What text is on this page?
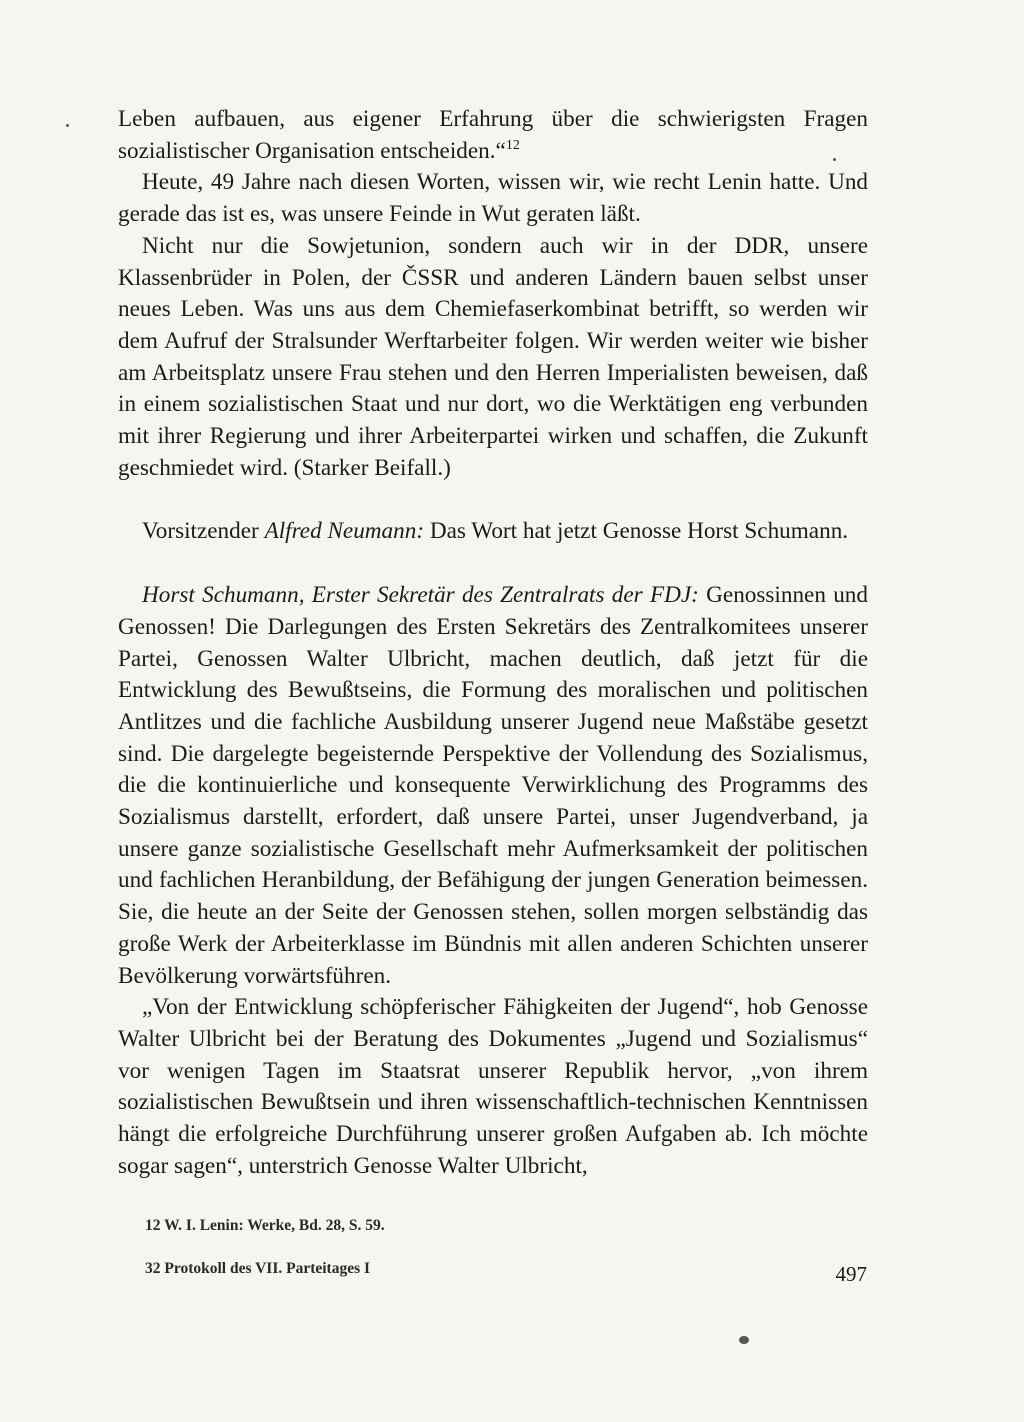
Leben aufbauen, aus eigener Erfahrung über die schwierigsten Fragen sozialistischer Organisation entscheiden.“$^{12}$

Heute, 49 Jahre nach diesen Worten, wissen wir, wie recht Lenin hatte. Und gerade das ist es, was unsere Feinde in Wut geraten läßt.

Nicht nur die Sowjetunion, sondern auch wir in der DDR, unsere Klassenbrüder in Polen, der ČSSR und anderen Ländern bauen selbst unser neues Leben. Was uns aus dem Chemiefaserkombinat betrifft, so werden wir dem Aufruf der Stralsunder Werftarbeiter folgen. Wir werden weiter wie bisher am Arbeitsplatz unsere Frau stehen und den Herren Imperialisten beweisen, daß in einem sozialistischen Staat und nur dort, wo die Werktätigen eng verbunden mit ihrer Regierung und ihrer Arbeiterpartei wirken und schaffen, die Zukunft geschmiedet wird. (Starker Beifall.)

Vorsitzender Alfred Neumann: Das Wort hat jetzt Genosse Horst Schumann.

Horst Schumann, Erster Sekretär des Zentralrats der FDJ: Genossinnen und Genossen! Die Darlegungen des Ersten Sekretärs des Zentralkomitees unserer Partei, Genossen Walter Ulbricht, machen deutlich, daß jetzt für die Entwicklung des Bewußtseins, die Formung des moralischen und politischen Antlitzes und die fachliche Ausbildung unserer Jugend neue Maßstäbe gesetzt sind. Die dargelegte begeisternde Perspektive der Vollendung des Sozialismus, die die kontinuierliche und konsequente Verwirklichung des Programms des Sozialismus darstellt, erfordert, daß unsere Partei, unser Jugendverband, ja unsere ganze sozialistische Gesellschaft mehr Aufmerksamkeit der politischen und fachlichen Heranbildung, der Befähigung der jungen Generation beimessen. Sie, die heute an der Seite der Genossen stehen, sollen morgen selbständig das große Werk der Arbeiterklasse im Bündnis mit allen anderen Schichten unserer Bevölkerung vorwärtsführen.

„Von der Entwicklung schöpferischer Fähigkeiten der Jugend“, hob Genosse Walter Ulbricht bei der Beratung des Dokumentes „Jugend und Sozialismus“ vor wenigen Tagen im Staatsrat unserer Republik hervor, „von ihrem sozialistischen Bewußtsein und ihren wissenschaftlich-technischen Kenntnissen hängt die erfolgreiche Durchführung unserer großen Aufgaben ab. Ich möchte sogar sagen“, unterstrich Genosse Walter Ulbricht,

12 W. I. Lenin: Werke, Bd. 28, S. 59.
32 Protokoll des VII. Parteitages I	497
